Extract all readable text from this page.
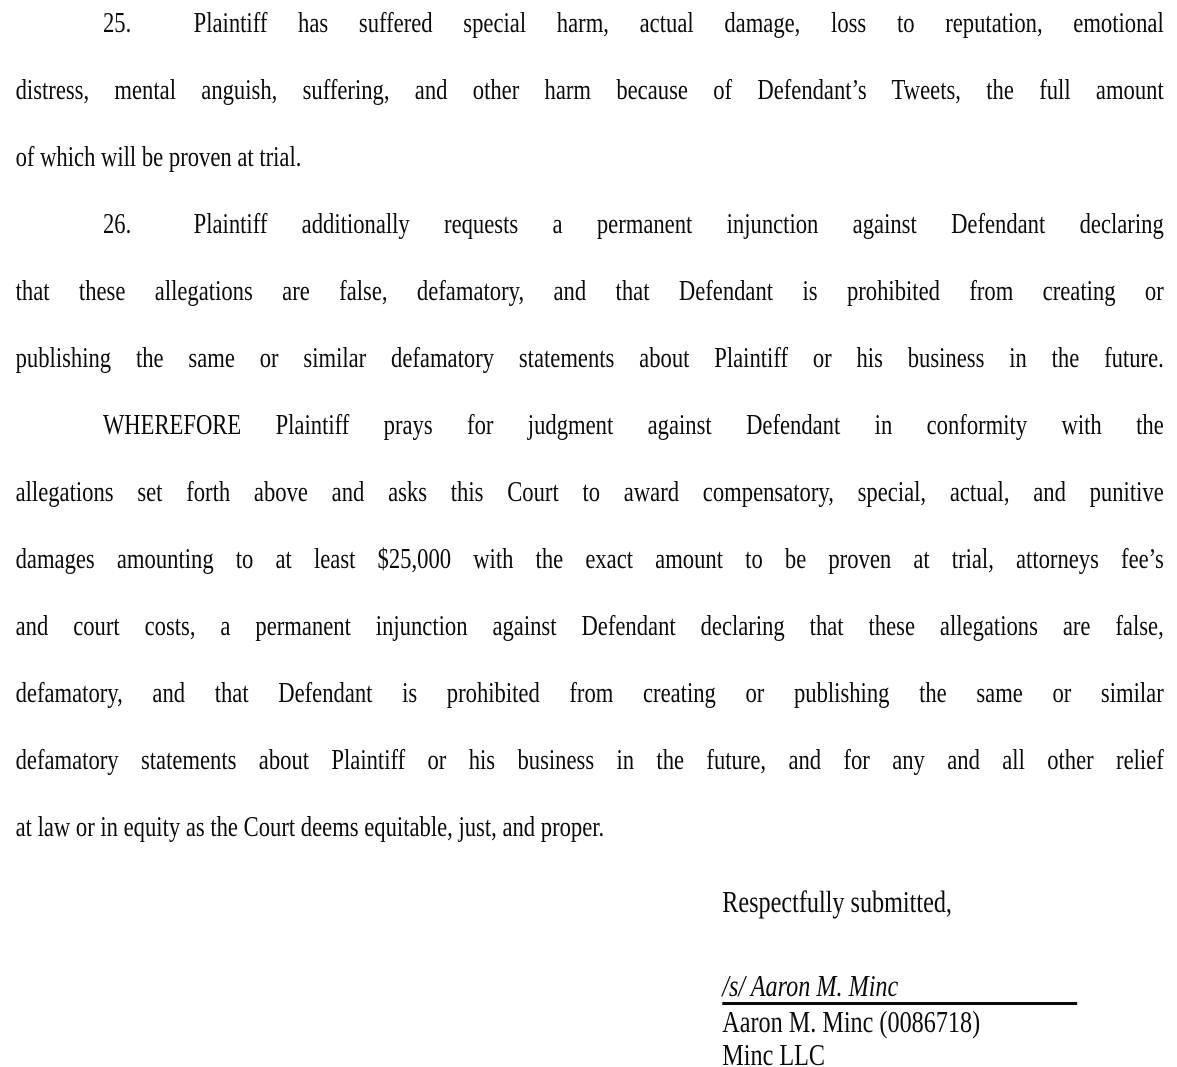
25. Plaintiff has suffered special harm, actual damage, loss to reputation, emotional
distress, mental anguish, suffering, and other harm because of Defendant’s Tweets, the full amount
of which will be proven at trial.
26. Plaintiff additionally requests a permanent injunction against Defendant declaring
that these allegations are false, defamatory, and that Defendant is prohibited from creating or
publishing the same or similar defamatory statements about Plaintiff or his business in the future.
WHEREFORE Plaintiff prays for judgment against Defendant in conformity with the
allegations set forth above and asks this Court to award compensatory, special, actual, and punitive
damages amounting to at least $25,000 with the exact amount to be proven at trial, attorneys fee’s
and court costs, a permanent injunction against Defendant declaring that these allegations are false,
defamatory, and that Defendant is prohibited from creating or publishing the same or similar
defamatory statements about Plaintiff or his business in the future, and for any and all other relief
at law or in equity as the Court deems equitable, just, and proper.
Respectfully submitted,
/s/ Aaron M. Minc
Aaron M. Minc (0086718)
Minc LLC
